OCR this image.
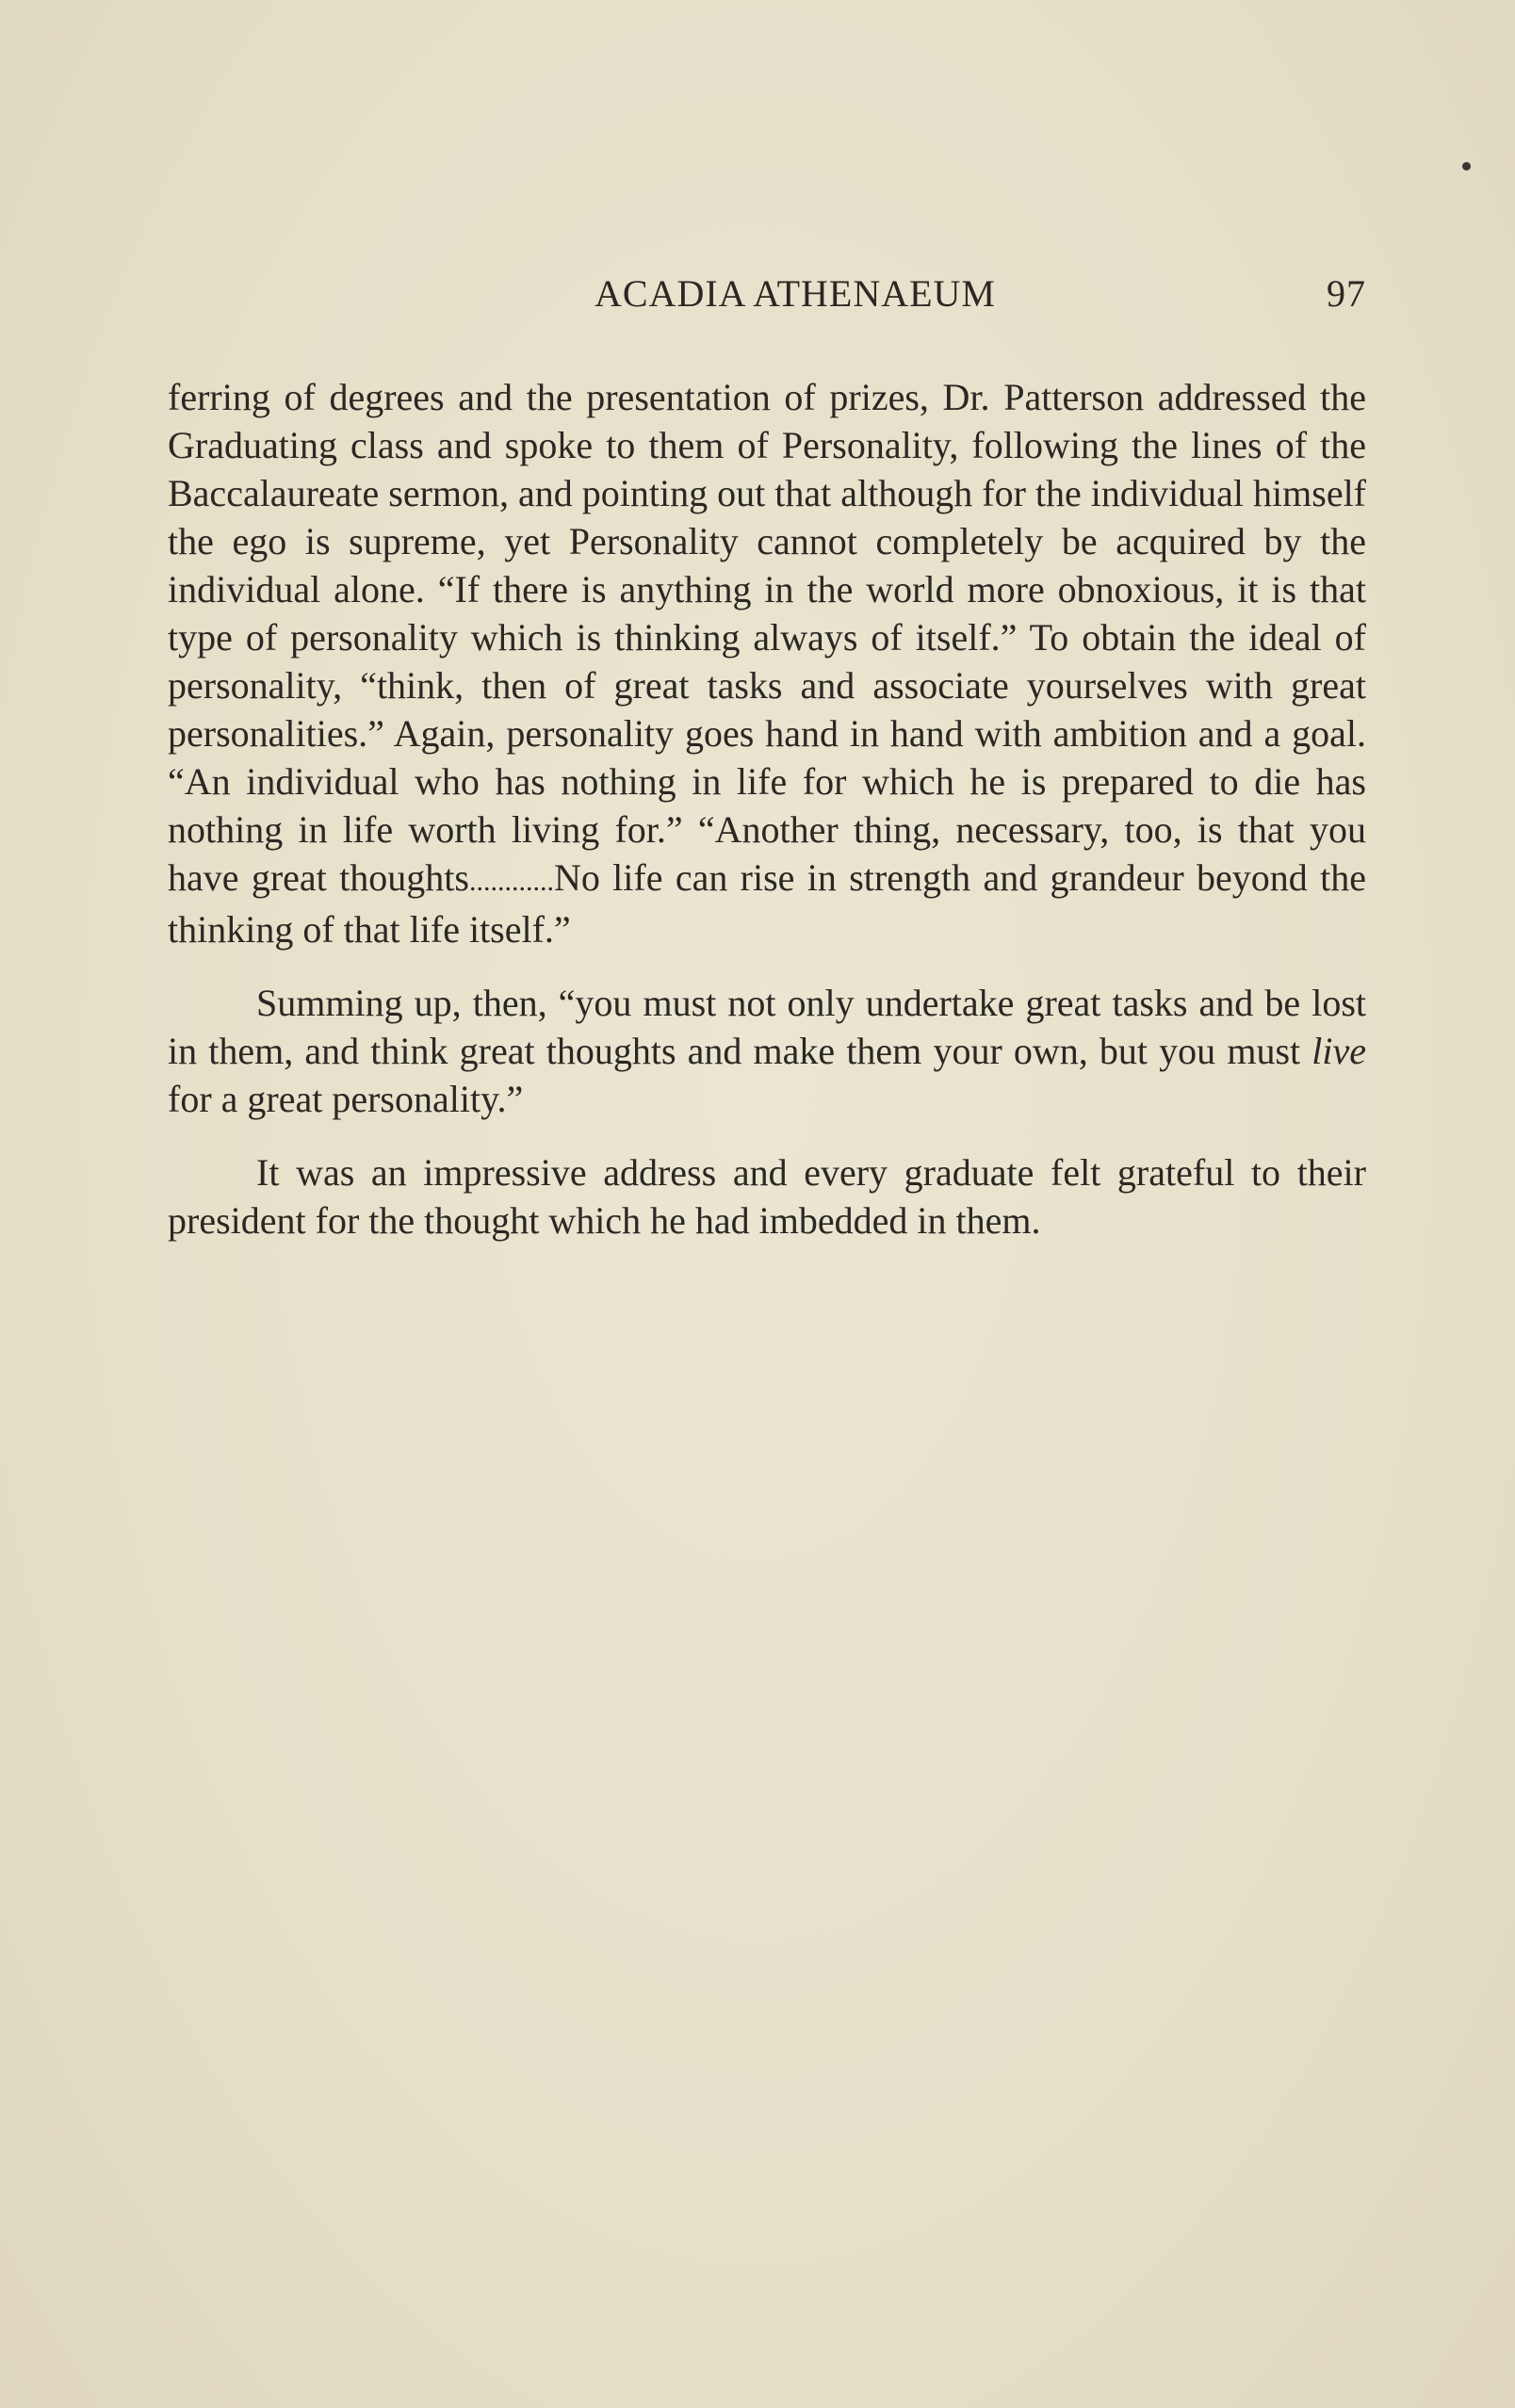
ACADIA ATHENAEUM	97

ferring of degrees and the presentation of prizes, Dr. Patterson addressed the Graduating class and spoke to them of Personality, following the lines of the Baccalaureate sermon, and pointing out that although for the individual himself the ego is supreme, yet Personality cannot completely be acquired by the individual alone. “If there is anything in the world more obnoxious, it is that type of personality which is thinking always of itself.” To obtain the ideal of personality, “think, then of great tasks and associate yourselves with great personalities.” Again, personality goes hand in hand with ambition and a goal. “An individual who has nothing in life for which he is prepared to die has nothing in life worth living for.” “Another thing, necessary, too, is that you have great thoughts............No life can rise in strength and grandeur beyond the thinking of that life itself.”

Summing up, then, “you must not only undertake great tasks and be lost in them, and think great thoughts and make them your own, but you must live for a great personality.”

It was an impressive address and every graduate felt grateful to their president for the thought which he had imbedded in them.
